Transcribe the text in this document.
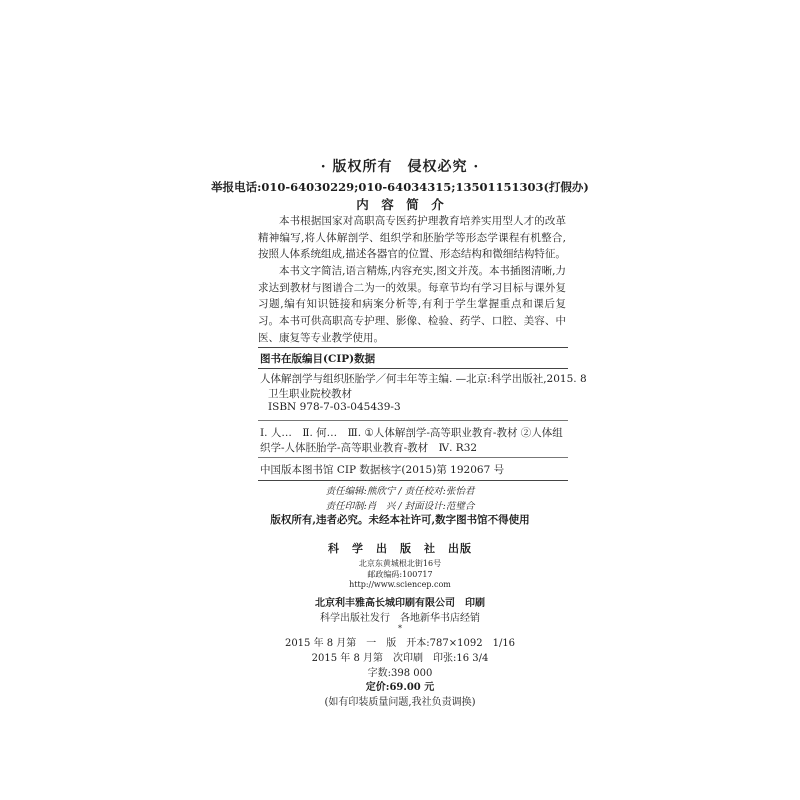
· 版权所有　侵权必究 ·
举报电话:010-64030229;010-64034315;13501151303(打假办)
内　容　简　介
本书根据国家对高职高专医药护理教育培养实用型人才的改革精神编写,将人体解剖学、组织学和胚胎学等形态学课程有机整合,按照人体系统组成,描述各器官的位置、形态结构和微细结构特征。
本书文字简洁,语言精炼,内容充实,图文并茂。本书插图清晰,力求达到教材与图谱合二为一的效果。每章节均有学习目标与课外复习题,编有知识链接和病案分析等,有利于学生掌握重点和课后复习。 本书可供高职高专护理、影像、检验、药学、口腔、美容、中医、康复等专业教学使用。
图书在版编目(CIP)数据
人体解剖学与组织胚胎学／何丰年等主编. —北京:科学出版社,2015. 8
卫生职业院校教材
ISBN 978-7-03-045439-3
Ⅰ. 人…　Ⅱ. 何…　Ⅲ. ①人体解剖学-高等职业教育-教材 ②人体组
织学-人体胚胎学-高等职业教育-教材　Ⅳ. R32
中国版本图书馆 CIP 数据核字(2015)第 192067 号
责任编辑:熊欣宁 / 责任校对:张怡君
责任印制:肖　兴 / 封面设计:范璧合
版权所有,违者必究。未经本社许可,数字图书馆不得使用
科　学　出　版　社　出版
北京东黄城根北街16号
邮政编码:100717
http://www.sciencep.com
北京利丰雅高长城印刷有限公司　印刷
科学出版社发行　各地新华书店经销
*
2015 年 8 月第　一　版　开本:787×1092　1/16
2015 年 8 月第　次印刷　印张:16 3/4
字数:398 000
定价:69.00 元
(如有印装质量问题,我社负责调换)
